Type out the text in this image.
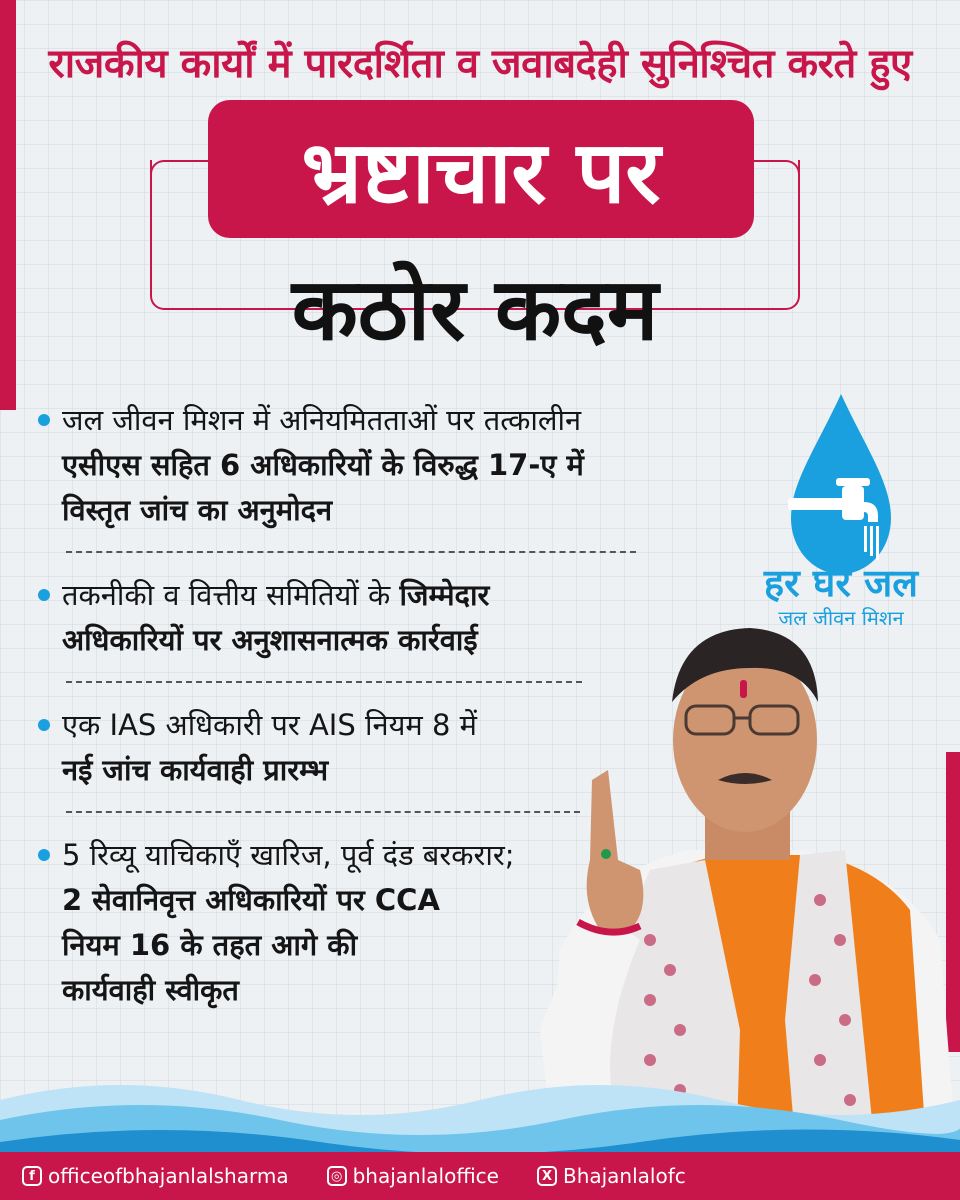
राजकीय कार्यों में पारदर्शिता व जवाबदेही सुनिश्चित करते हुए
भ्रष्टाचार पर
कठोर कदम

जल जीवन मिशन में अनियमितताओं पर तत्कालीन

एसीएस सहित 6 अधिकारियों के विरुद्ध 17-ए में

विस्तृत जांच का अनुमोदन

तकनीकी व वित्तीय समितियों के जिम्मेदार

अधिकारियों पर अनुशासनात्मक कार्रवाई

एक IAS अधिकारी पर AIS नियम 8 में

नई जांच कार्यवाही प्रारम्भ

5 रिव्यू याचिकाएँ खारिज, पूर्व दंड बरकरार;

2 सेवानिवृत्त अधिकारियों पर CCA

नियम 16 के तहत आगे की

कार्यवाही स्वीकृत

हर घर जल
जल जीवन मिशन
f officeofbhajanlalsharma	◎ bhajanlaloffice	X Bhajanlalofc
